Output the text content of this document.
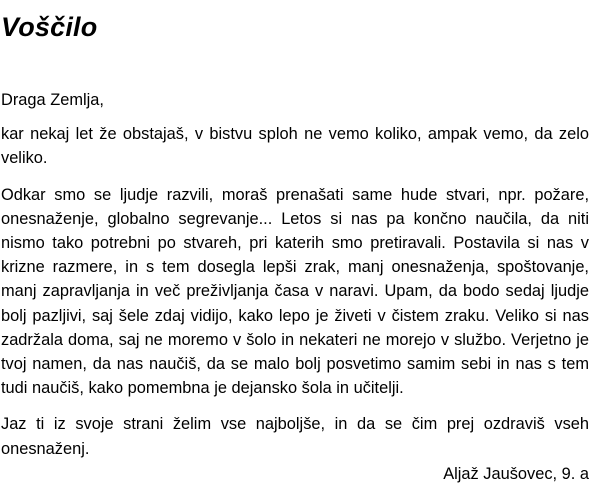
Voščilo
Draga Zemlja,

kar nekaj let že obstajaš, v bistvu sploh ne vemo koliko, ampak vemo, da zelo veliko.

Odkar smo se ljudje razvili, moraš prenašati same hude stvari, npr. požare, onesnaženje, globalno segrevanje... Letos si nas pa končno naučila, da niti nismo tako potrebni po stvareh, pri katerih smo pretiravali. Postavila si nas v krizne razmere, in s tem dosegla lepši zrak, manj onesnaženja, spoštovanje, manj zapravljanja in več preživljanja časa v naravi. Upam, da bodo sedaj ljudje bolj pazljivi, saj šele zdaj vidijo, kako lepo je živeti v čistem zraku. Veliko si nas zadržala doma, saj ne moremo v šolo in nekateri ne morejo v službo. Verjetno je tvoj namen, da nas naučiš, da se malo bolj posvetimo samim sebi in nas s tem tudi naučiš, kako pomembna je dejansko šola in učitelji.

Jaz ti iz svoje strani želim vse najboljše, in da se čim prej ozdraviš vseh onesnaženj.

Aljaž Jaušovec, 9. a
